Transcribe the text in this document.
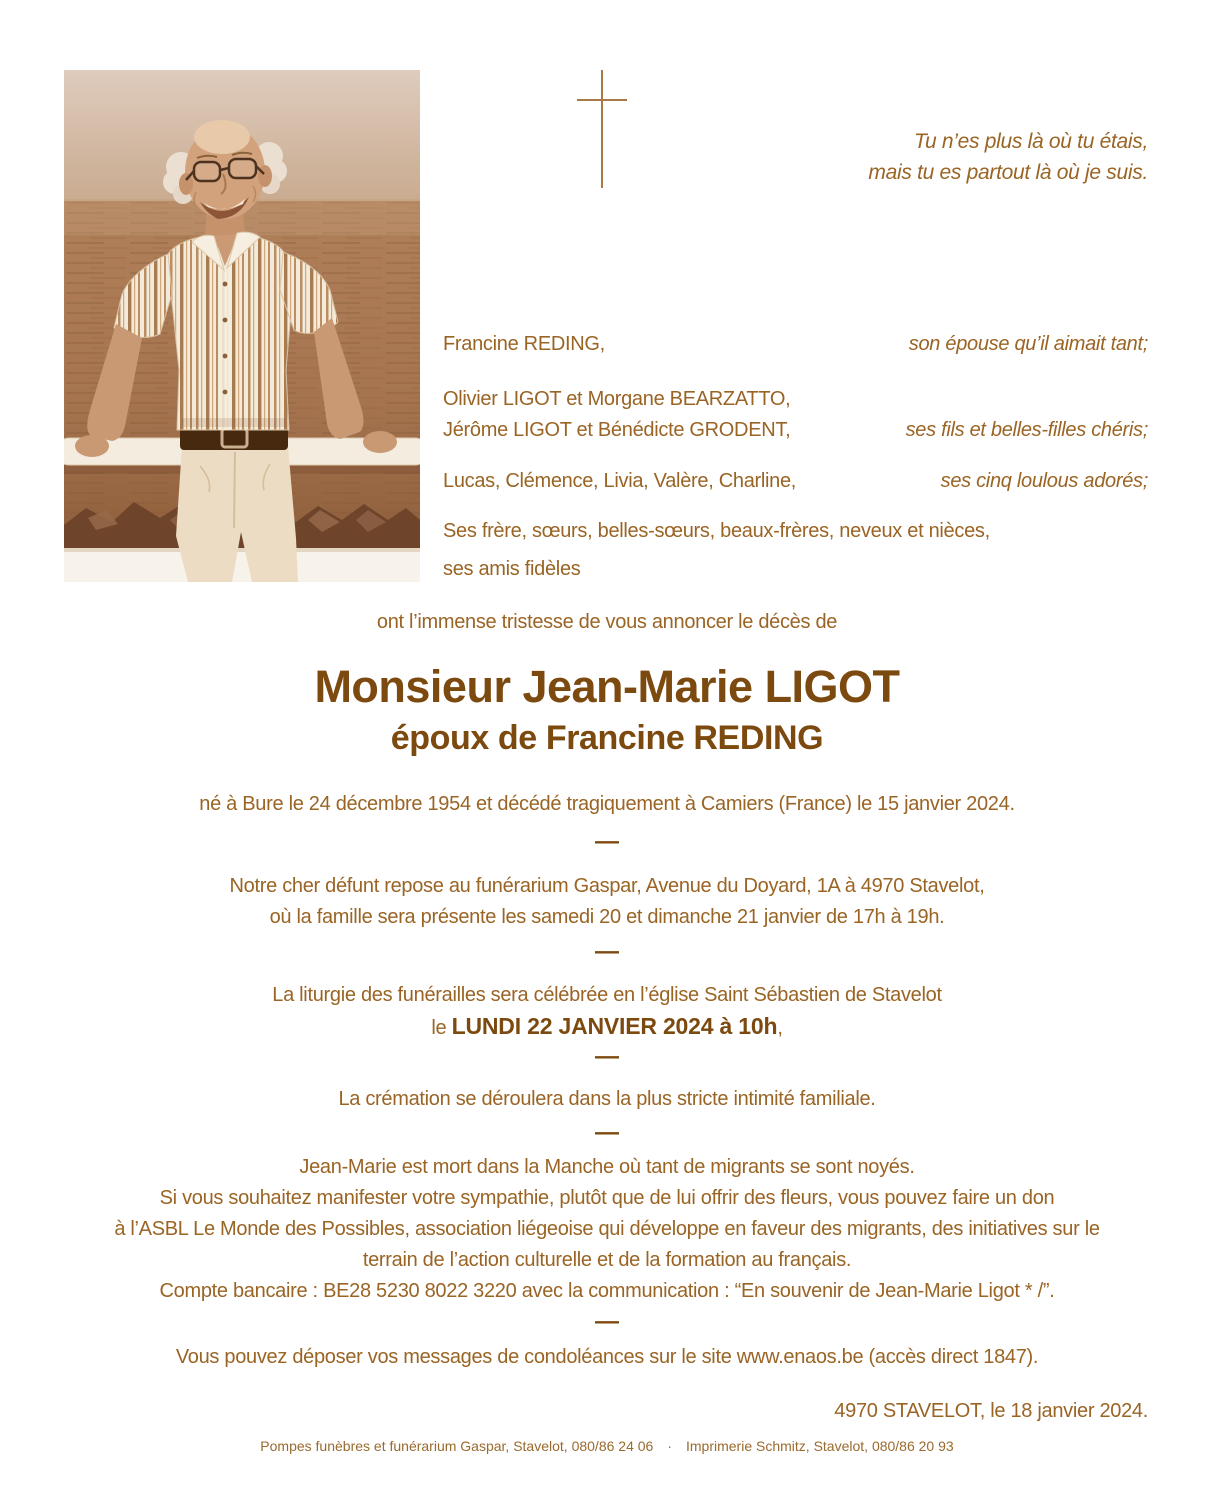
Tu n’es plus là où tu étais,
mais tu es partout là où je suis.
Francine REDING,
Olivier LIGOT et Morgane BEARZATTO,
Jérôme LIGOT et Bénédicte GRODENT,
Lucas, Clémence, Livia, Valère, Charline,
Ses frère, sœurs, belles-sœurs, beaux-frères, neveux et nièces,
ses amis fidèles
son épouse qu’il aimait tant;
ses fils et belles-filles chéris;
ses cinq loulous adorés;
ont l’immense tristesse de vous annoncer le décès de
Monsieur Jean-Marie LIGOT
époux de Francine REDING
né à Bure le 24 décembre 1954 et décédé tragiquement à Camiers (France) le 15 janvier 2024.
—
Notre cher défunt repose au funérarium Gaspar, Avenue du Doyard, 1A à 4970 Stavelot,
où la famille sera présente les samedi 20 et dimanche 21 janvier de 17h à 19h.
—
La liturgie des funérailles sera célébrée en l’église Saint Sébastien de Stavelot
le LUNDI 22 JANVIER 2024 à 10h,
—
La crémation se déroulera dans la plus stricte intimité familiale.
—
Jean-Marie est mort dans la Manche où tant de migrants se sont noyés.
Si vous souhaitez manifester votre sympathie, plutôt que de lui offrir des fleurs, vous pouvez faire un don
à l’ASBL Le Monde des Possibles, association liégeoise qui développe en faveur des migrants, des initiatives sur le
terrain de l’action culturelle et de la formation au français.
Compte bancaire : BE28 5230 8022 3220 avec la communication : “En souvenir de Jean-Marie Ligot * /”.
—
Vous pouvez déposer vos messages de condoléances sur le site www.enaos.be (accès direct 1847).
4970 STAVELOT, le 18 janvier 2024.
Pompes funèbres et funérarium Gaspar, Stavelot, 080/86 24 06 · Imprimerie Schmitz, Stavelot, 080/86 20 93
